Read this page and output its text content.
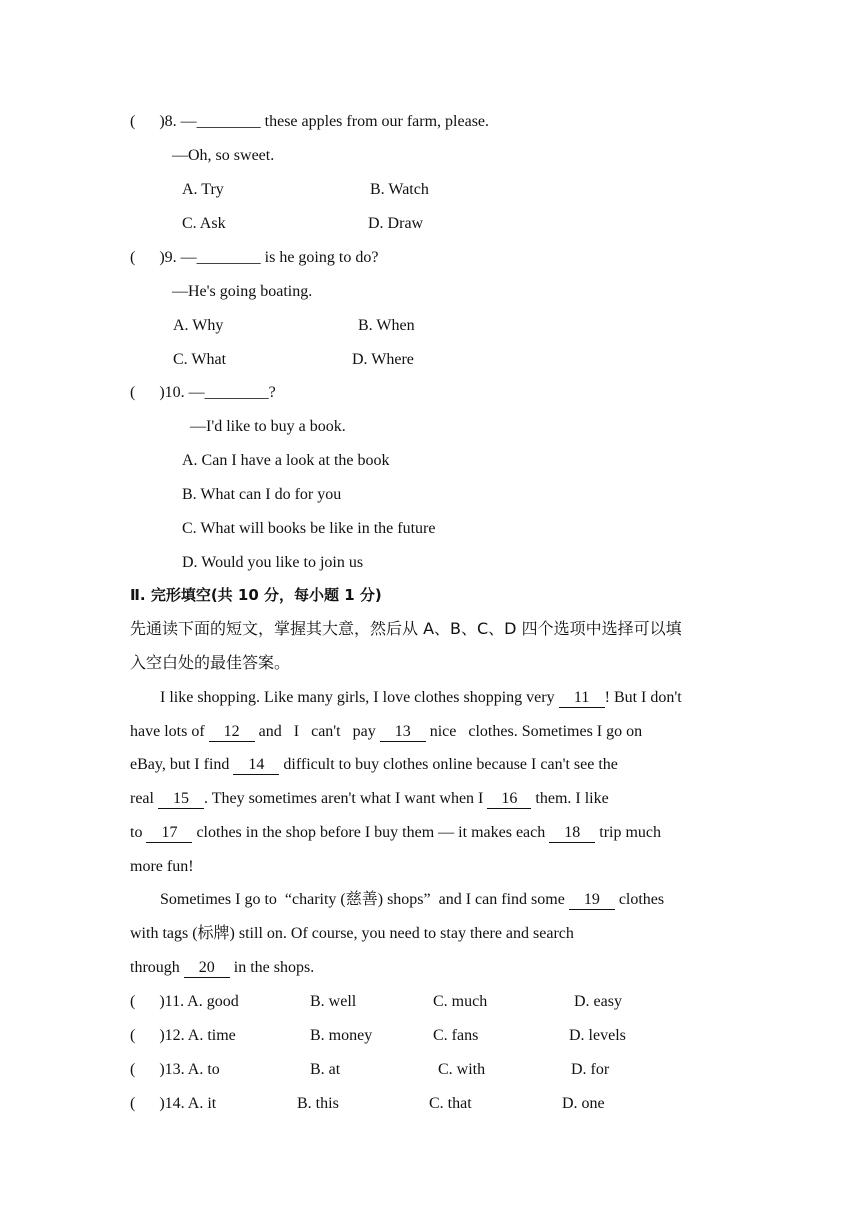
(      )8. —________ these apples from our farm, please.
—Oh, so sweet.
A. Try	B. Watch
C. Ask	D. Draw
(      )9. —________ is he going to do?
—He's going boating.
A. Why	B. When
C. What	D. Where
(      )10. —________?
—I'd like to buy a book.
A. Can I have a look at the book
B. What can I do for you
C. What will books be like in the future
D. Would you like to join us
Ⅱ. 完形填空(共 10 分，每小题 1 分)
先通读下面的短文，掌握其大意，然后从 A、B、C、D 四个选项中选择可以填
入空白处的最佳答案。
I like shopping. Like many girls, I love clothes shopping very 11 ! But I don't
have lots of 12 and   I   can't   pay 13 nice   clothes. Sometimes I go on
eBay, but I find 14 difficult to buy clothes online because I can't see the
real 15 . They sometimes aren't what I want when I 16 them. I like
to 17 clothes in the shop before I buy them — it makes each 18 trip much
more fun!
Sometimes I go to  “charity (慈善) shops”  and I can find some 19 clothes
with tags (标牌) still on. Of course, you need to stay there and search
through 20 in the shops.
(      )11. A. good	B. well	C. much	D. easy
(      )12. A. time	B. money	C. fans	D. levels
(      )13. A. to	B. at	C. with	D. for
(      )14. A. it	B. this	C. that	D. one
